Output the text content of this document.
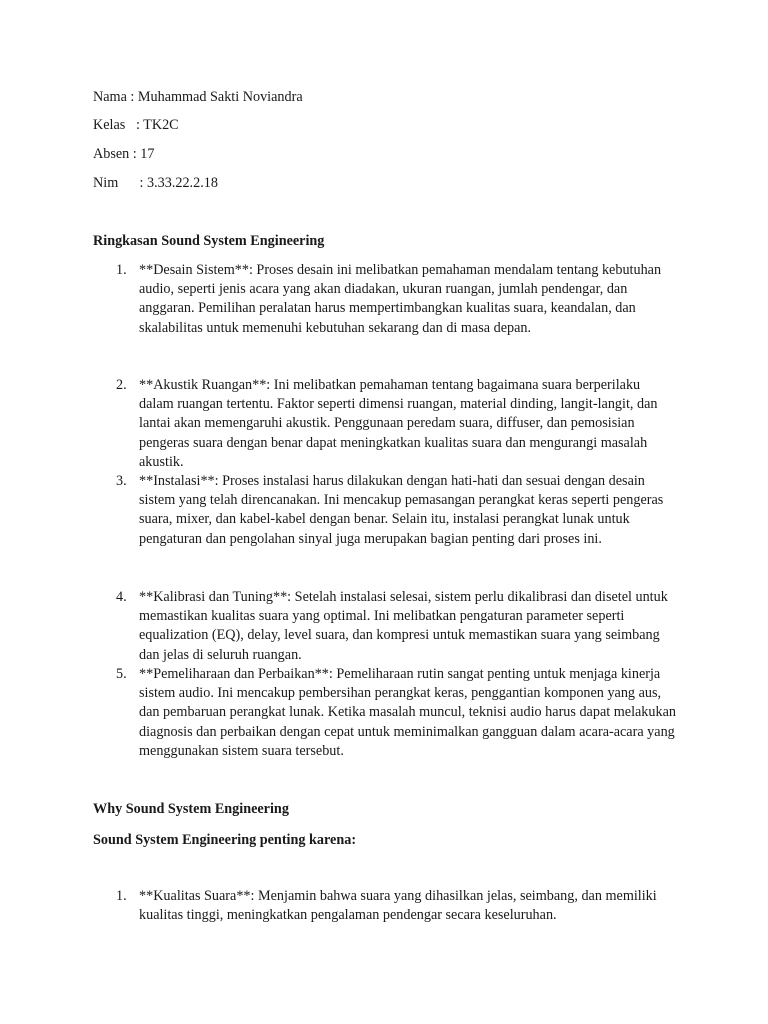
Nama : Muhammad Sakti Noviandra
Kelas   : TK2C
Absen : 17
Nim      : 3.33.22.2.18
Ringkasan Sound System Engineering
1. **Desain Sistem**: Proses desain ini melibatkan pemahaman mendalam tentang kebutuhan audio, seperti jenis acara yang akan diadakan, ukuran ruangan, jumlah pendengar, dan anggaran. Pemilihan peralatan harus mempertimbangkan kualitas suara, keandalan, dan skalabilitas untuk memenuhi kebutuhan sekarang dan di masa depan.

2. **Akustik Ruangan**: Ini melibatkan pemahaman tentang bagaimana suara berperilaku dalam ruangan tertentu. Faktor seperti dimensi ruangan, material dinding, langit-langit, dan lantai akan memengaruhi akustik. Penggunaan peredam suara, diffuser, dan pemosisian pengeras suara dengan benar dapat meningkatkan kualitas suara dan mengurangi masalah akustik.

3. **Instalasi**: Proses instalasi harus dilakukan dengan hati-hati dan sesuai dengan desain sistem yang telah direncanakan. Ini mencakup pemasangan perangkat keras seperti pengeras suara, mixer, dan kabel-kabel dengan benar. Selain itu, instalasi perangkat lunak untuk pengaturan dan pengolahan sinyal juga merupakan bagian penting dari proses ini.

4. **Kalibrasi dan Tuning**: Setelah instalasi selesai, sistem perlu dikalibrasi dan disetel untuk memastikan kualitas suara yang optimal. Ini melibatkan pengaturan parameter seperti equalization (EQ), delay, level suara, dan kompresi untuk memastikan suara yang seimbang dan jelas di seluruh ruangan.

5. **Pemeliharaan dan Perbaikan**: Pemeliharaan rutin sangat penting untuk menjaga kinerja sistem audio. Ini mencakup pembersihan perangkat keras, penggantian komponen yang aus, dan pembaruan perangkat lunak. Ketika masalah muncul, teknisi audio harus dapat melakukan diagnosis dan perbaikan dengan cepat untuk meminimalkan gangguan dalam acara-acara yang menggunakan sistem suara tersebut.

Why Sound System Engineering
Sound System Engineering penting karena:
1. **Kualitas Suara**: Menjamin bahwa suara yang dihasilkan jelas, seimbang, dan memiliki kualitas tinggi, meningkatkan pengalaman pendengar secara keseluruhan.
